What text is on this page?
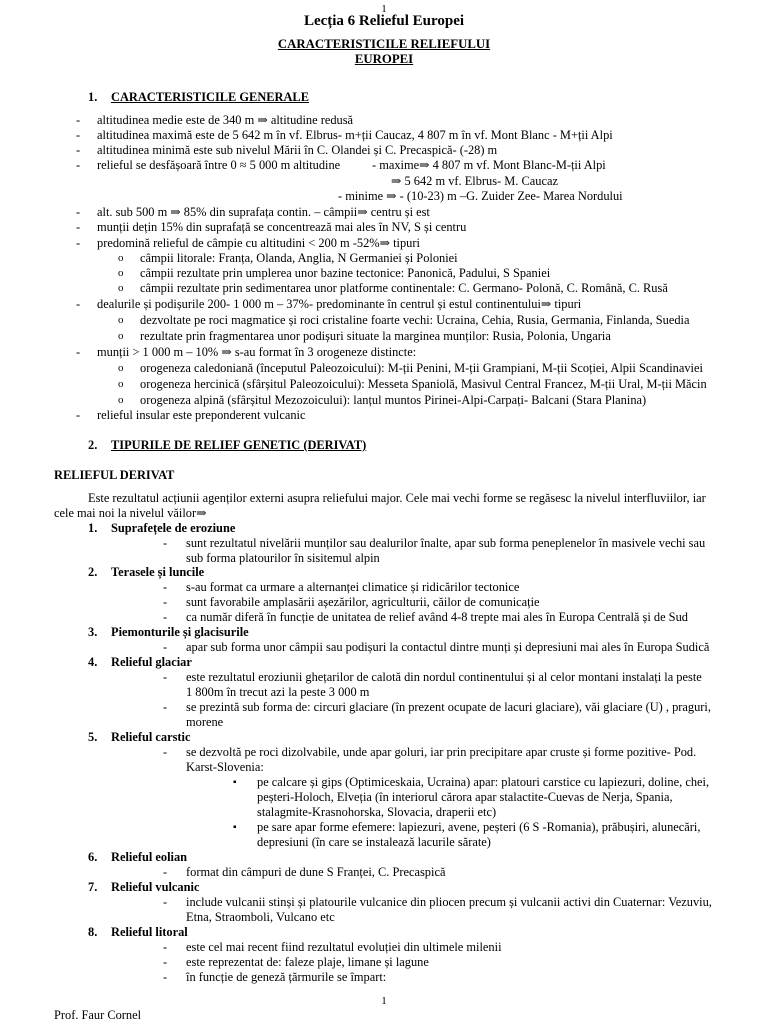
1
Lecția 6 Relieful Europei
CARACTERISTICILE RELIEFULUI
EUROPEI
1. CARACTERISTICILE GENERALE
- altitudinea medie este de 340 m ⇒ altitudine redusă
- altitudinea maximă este de 5 642 m în vf. Elbrus- m+ții Caucaz, 4 807 m în vf. Mont Blanc - M+ții Alpi
- altitudinea minimă este sub nivelul Mării în C. Olandei și C. Precaspică- (-28) m
- relieful se desfășoară între 0 ≈ 5 000 m altitudine	- maxime⇒ 4 807 m vf. Mont Blanc-M-ții Alpi
⇒ 5 642 m vf. Elbrus- M. Caucaz
- minime ⇒ - (10-23) m –G. Zuider Zee- Marea Nordului
- alt. sub 500 m ⇒ 85% din suprafața contin. – câmpii⇒ centru și est
- munții dețin 15% din suprafață se concentrează mai ales în NV, S și centru
- predomină relieful de câmpie cu altitudini < 200 m -52%⇒ tipuri
o câmpii litorale: Franța, Olanda, Anglia, N Germaniei și Poloniei
o câmpii rezultate prin umplerea unor bazine tectonice: Panonică, Padului, S Spaniei
o câmpii rezultate prin sedimentarea unor platforme continentale: C. Germano- Polonă, C. Română, C. Rusă
- dealurile și podișurile 200- 1 000 m – 37%- predominante în centrul și estul continentului⇒ tipuri
o dezvoltate pe roci magmatice și roci cristaline foarte vechi: Ucraina, Cehia, Rusia, Germania, Finlanda, Suedia
o rezultate prin fragmentarea unor podișuri situate la marginea munților: Rusia, Polonia, Ungaria
- munții > 1 000 m – 10% ⇒ s-au format în 3 orogeneze distincte:
o orogeneza caledoniană (începutul Paleozoicului): M-ții Penini, M-ții Grampiani, M-ții Scoției, Alpii Scandinaviei
o orogeneza hercinică (sfârșitul Paleozoicului): Messeta Spaniolă, Masivul Central Francez, M-ții Ural, M-ții Măcin
o orogeneza alpină (sfârșitul Mezozoicului): lanțul muntos Pirinei-Alpi-Carpați- Balcani (Stara Planina)
- relieful insular este preponderent vulcanic
2. TIPURILE DE RELIEF GENETIC (DERIVAT)
RELIEFUL DERIVAT
Este rezultatul acțiunii agenților externi asupra reliefului major. Cele mai vechi forme se regăsesc la nivelul interfluviilor, iar
cele mai noi la nivelul văilor⇒
1. Suprafețele de eroziune
- sunt rezultatul nivelării munților sau dealurilor înalte, apar sub forma peneplenelor în masivele vechi sau
sub forma platourilor în sisitemul alpin
2. Terasele și luncile
- s-au format ca urmare a alternanței climatice și ridicărilor tectonice
- sunt favorabile amplasării așezărilor, agriculturii, căilor de comunicație
- ca număr diferă în funcție de unitatea de relief având 4-8 trepte mai ales în Europa Centrală și de Sud
3. Piemonturile și glacisurile
- apar sub forma unor câmpii sau podișuri la contactul dintre munți și depresiuni mai ales în Europa Sudică
4. Relieful glaciar
- este rezultatul eroziunii ghețarilor de calotă din nordul continentului și al celor montani instalați la peste
1 800m în trecut azi la peste 3 000 m
- se prezintă sub forma de: circuri glaciare (în prezent ocupate de lacuri glaciare), văi glaciare (U) , praguri,
morene
5. Relieful carstic
- se dezvoltă pe roci dizolvabile, unde apar goluri, iar prin precipitare apar cruste și forme pozitive- Pod.
Karst-Slovenia:
▪ pe calcare și gips (Optimiceskaia, Ucraina) apar: platouri carstice cu lapiezuri, doline, chei,
peșteri-Holoch, Elveția (în interiorul cărora apar stalactite-Cuevas de Nerja, Spania,
stalagmite-Krasnohorska, Slovacia, draperii etc)
▪ pe sare apar forme efemere: lapiezuri, avene, peșteri (6 S -Romania), prăbușiri, alunecări,
depresiuni (în care se instalează lacurile sărate)
6. Relieful eolian
- format din câmpuri de dune S Franței, C. Precaspică
7. Relieful vulcanic
- include vulcanii stinși și platourile vulcanice din pliocen precum și vulcanii activi din Cuaternar: Vezuviu,
Etna, Straomboli, Vulcano etc
8. Relieful litoral
- este cel mai recent fiind rezultatul evoluției din ultimele milenii
- este reprezentat de: faleze plaje, limane și lagune
- în funcție de geneză țărmurile se împart:
1
Prof. Faur Cornel
